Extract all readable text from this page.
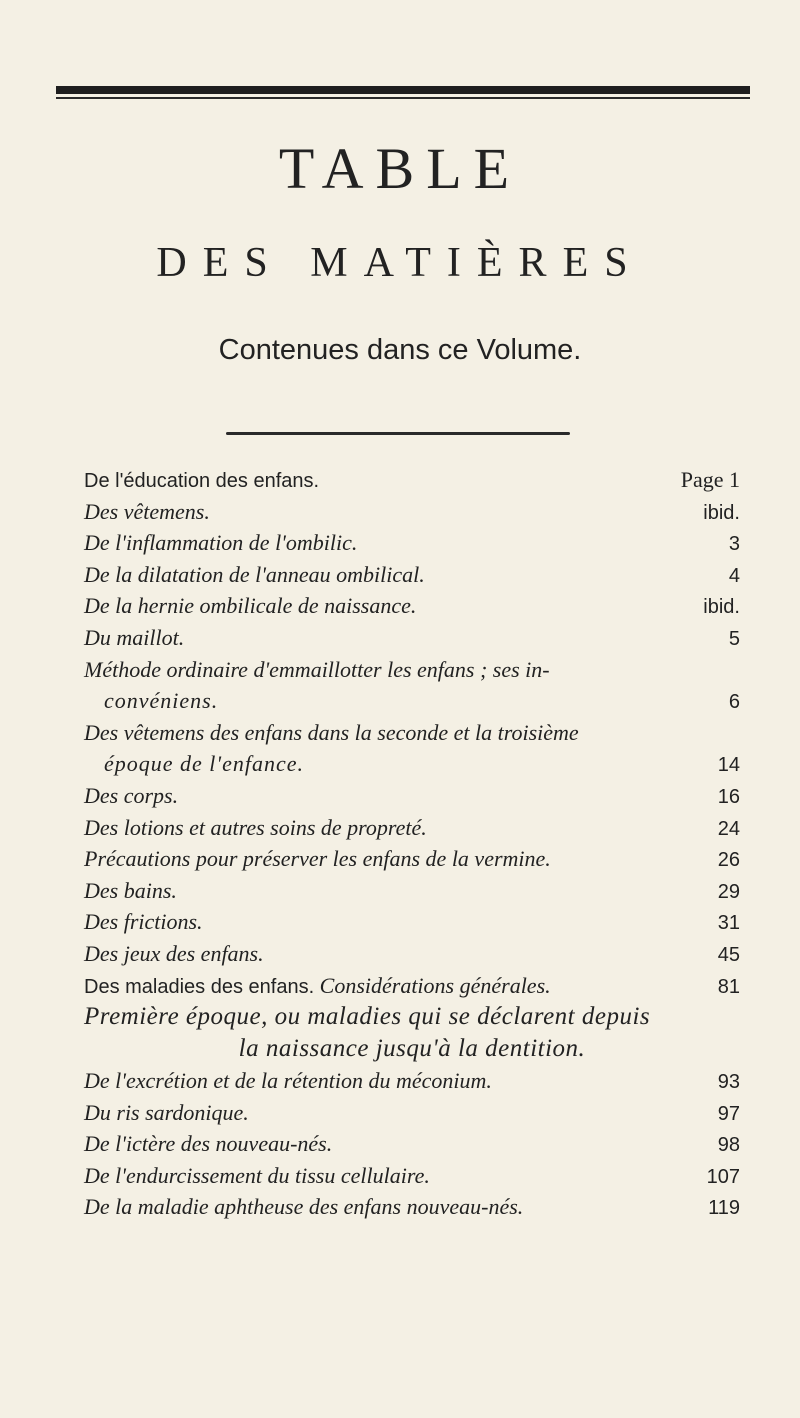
TABLE
DES MATIÈRES
Contenues dans ce Volume.
De l'éducation des enfans.	Page 1
Des vêtemens.	ibid.
De l'inflammation de l'ombilic.	3
De la dilatation de l'anneau ombilical.	4
De la hernie ombilicale de naissance.	ibid.
Du maillot.	5
Méthode ordinaire d'emmaillotter les enfans ; ses in-
convéniens.	6
Des vêtemens des enfans dans la seconde et la troisième
époque de l'enfance.	14
Des corps.	16
Des lotions et autres soins de propreté.	24
Précautions pour préserver les enfans de la vermine.	26
Des bains.	29
Des frictions.	31
Des jeux des enfans.	45
Des maladies des enfans. Considérations générales.	81
Première époque, ou maladies qui se déclarent depuis
la naissance jusqu'à la dentition.
De l'excrétion et de la rétention du méconium.	93
Du ris sardonique.	97
De l'ictère des nouveau-nés.	98
De l'endurcissement du tissu cellulaire.	107
De la maladie aphtheuse des enfans nouveau-nés.	119
